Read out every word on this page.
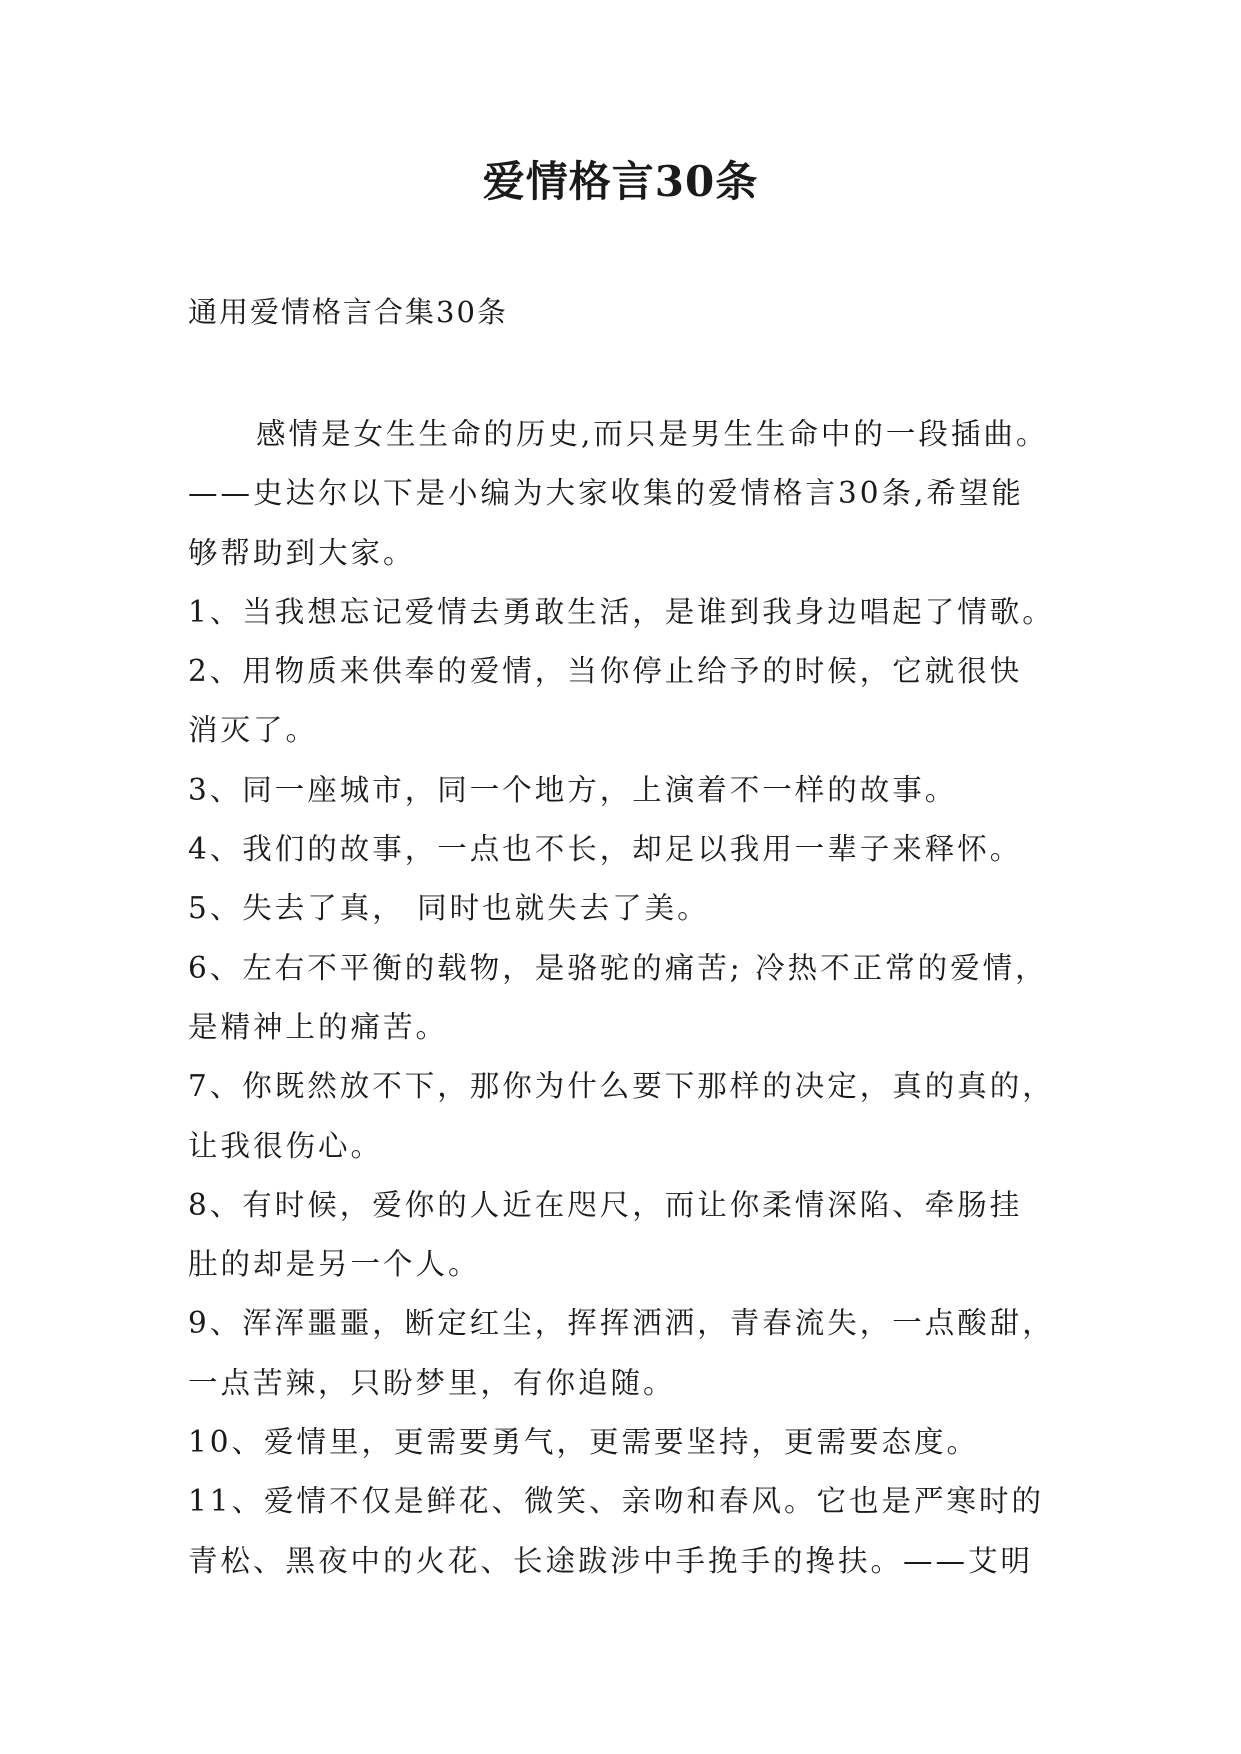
爱情格言30条
通用爱情格言合集30条
感情是女生生命的历史,而只是男生生命中的一段插曲。
——史达尔以下是小编为大家收集的爱情格言30条,希望能
够帮助到大家。
1、当我想忘记爱情去勇敢生活，是谁到我身边唱起了情歌。
2、用物质来供奉的爱情，当你停止给予的时候，它就很快
消灭了。
3、同一座城市，同一个地方，上演着不一样的故事。
4、我们的故事，一点也不长，却足以我用一辈子来释怀。
5、失去了真， 同时也就失去了美。
6、左右不平衡的载物，是骆驼的痛苦; 冷热不正常的爱情，
是精神上的痛苦。
7、你既然放不下，那你为什么要下那样的决定，真的真的，
让我很伤心。
8、有时候，爱你的人近在咫尺，而让你柔情深陷、牵肠挂
肚的却是另一个人。
9、浑浑噩噩，断定红尘，挥挥洒洒，青春流失，一点酸甜，
一点苦辣，只盼梦里，有你追随。
10、爱情里，更需要勇气，更需要坚持，更需要态度。
11、爱情不仅是鲜花、微笑、亲吻和春风。它也是严寒时的
青松、黑夜中的火花、长途跋涉中手挽手的搀扶。——艾明
